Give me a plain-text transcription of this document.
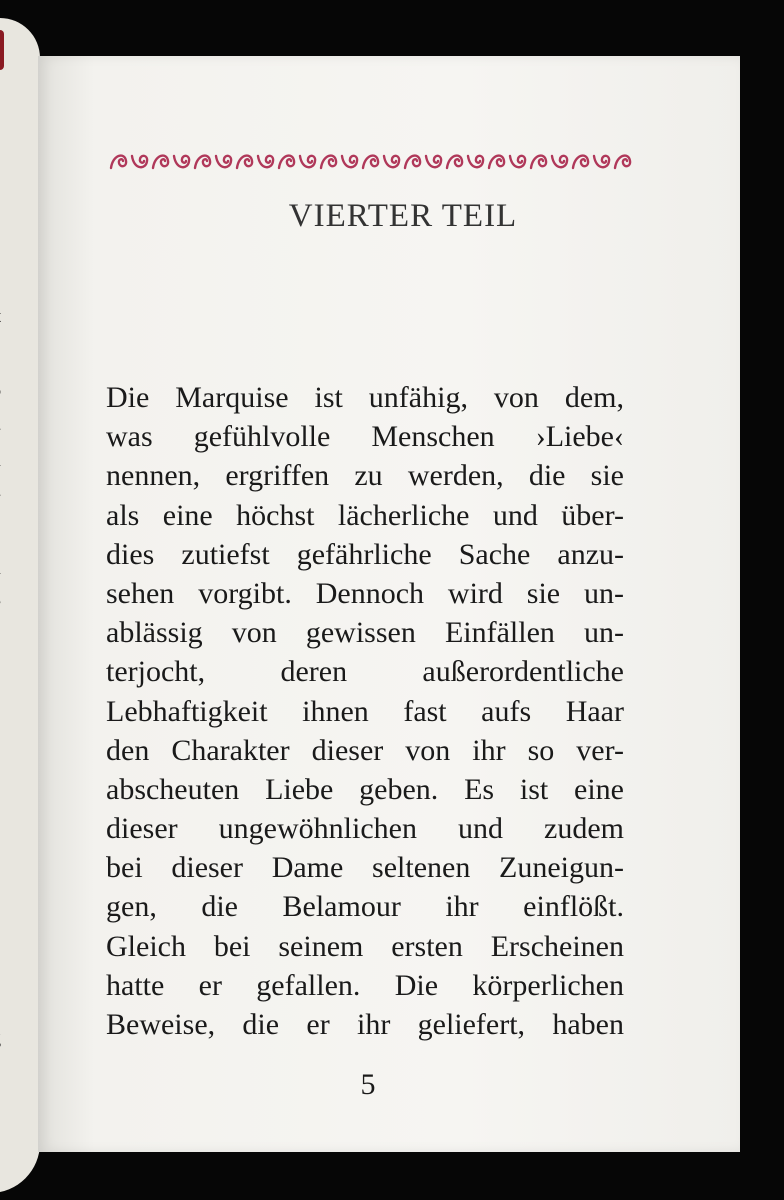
VIERTER TEIL
Die Marquise ist unfähig, von dem,
was gefühlvolle Menschen ›Liebe‹
nennen, ergriffen zu werden, die sie
als eine höchst lächerliche und über-
dies zutiefst gefährliche Sache anzu-
sehen vorgibt. Dennoch wird sie un-
ablässig von gewissen Einfällen un-
terjocht, deren außerordentliche
Lebhaftigkeit ihnen fast aufs Haar
den Charakter dieser von ihr so ver-
abscheuten Liebe geben. Es ist eine
dieser ungewöhnlichen und zudem
bei dieser Dame seltenen Zuneigun-
gen, die Belamour ihr einflößt.
Gleich bei seinem ersten Erscheinen
hatte er gefallen. Die körperlichen
Beweise, die er ihr geliefert, haben
5
